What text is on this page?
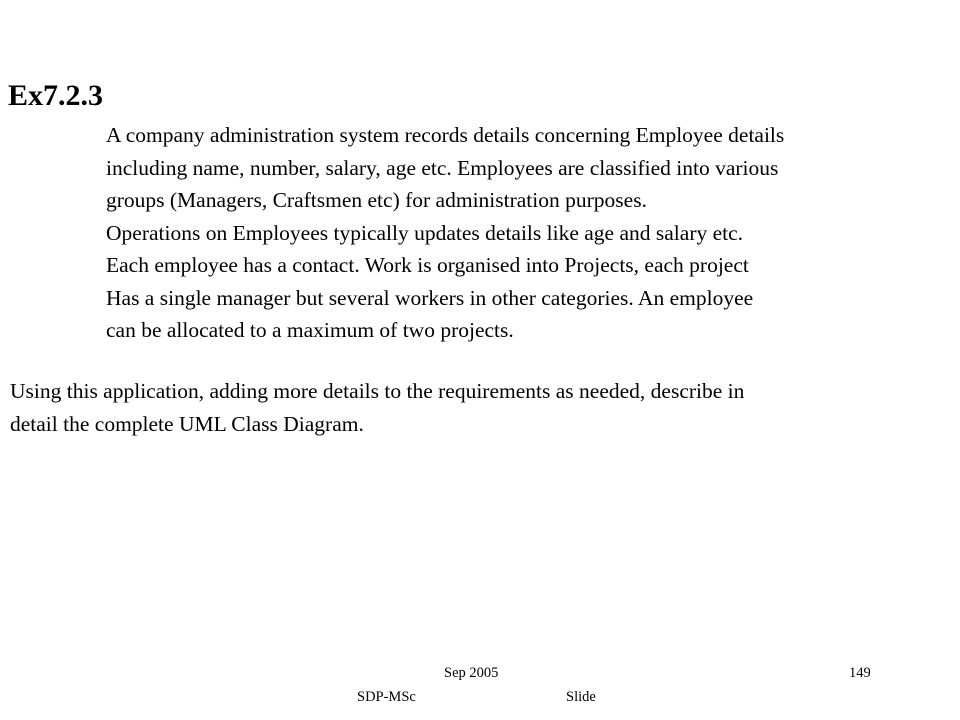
Ex7.2.3
A company administration system records details concerning Employee details
including name, number, salary, age etc. Employees are classified into various
groups (Managers, Craftsmen etc) for administration purposes.
Operations on Employees typically updates details like age and salary etc.
Each employee has a contact. Work is organised into Projects, each project
Has a single manager but several workers in other categories. An employee
can be allocated to a maximum of two projects.
Using this application, adding more details to the requirements as needed, describe in
detail the complete UML Class Diagram.
Sep 2005	149
SDP-MSc	Slide
